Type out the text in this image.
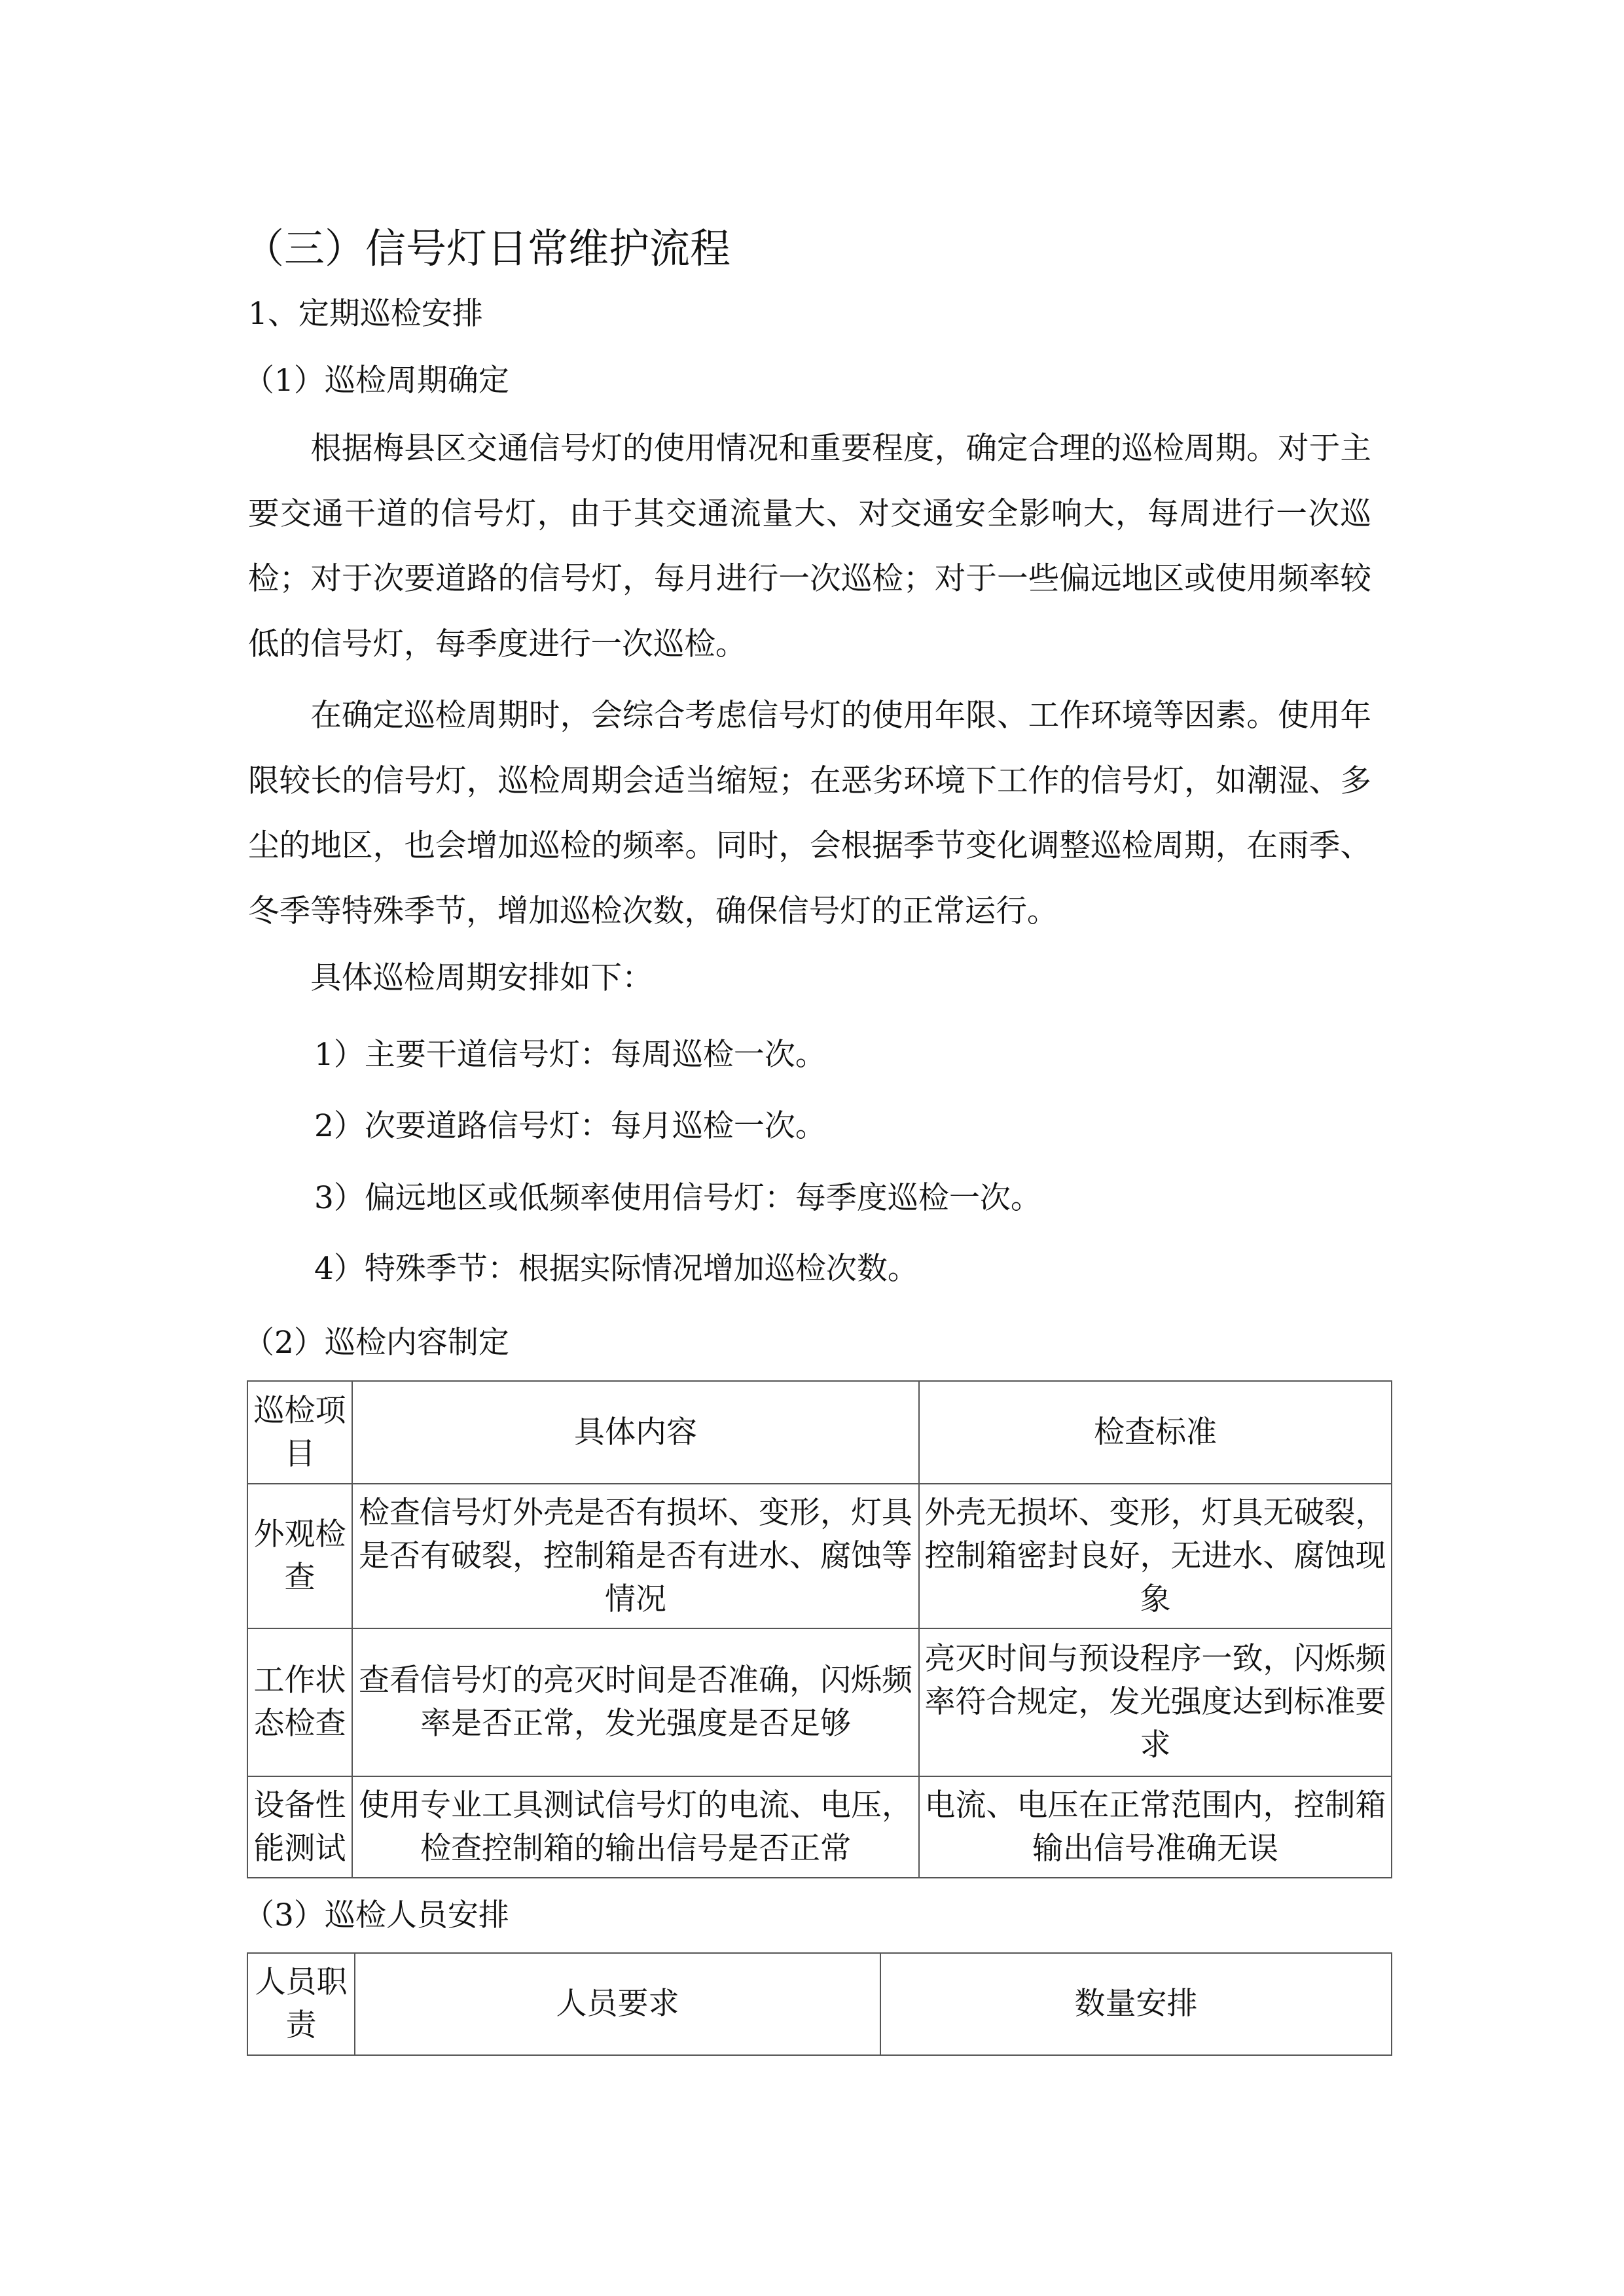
（三）信号灯日常维护流程
1、定期巡检安排
（1）巡检周期确定
根据梅县区交通信号灯的使用情况和重要程度，确定合理的巡检周期。对于主要交通干道的信号灯，由于其交通流量大、对交通安全影响大，每周进行一次巡检；对于次要道路的信号灯，每月进行一次巡检；对于一些偏远地区或使用频率较低的信号灯，每季度进行一次巡检。
在确定巡检周期时，会综合考虑信号灯的使用年限、工作环境等因素。使用年限较长的信号灯，巡检周期会适当缩短；在恶劣环境下工作的信号灯，如潮湿、多尘的地区，也会增加巡检的频率。同时，会根据季节变化调整巡检周期，在雨季、冬季等特殊季节，增加巡检次数，确保信号灯的正常运行。
具体巡检周期安排如下：
1）主要干道信号灯：每周巡检一次。
2）次要道路信号灯：每月巡检一次。
3）偏远地区或低频率使用信号灯：每季度巡检一次。
4）特殊季节：根据实际情况增加巡检次数。
（2）巡检内容制定
巡检项目	具体内容	检查标准
外观检查	检查信号灯外壳是否有损坏、变形，灯具是否有破裂，控制箱是否有进水、腐蚀等情况	外壳无损坏、变形，灯具无破裂，控制箱密封良好，无进水、腐蚀现象
工作状态检查	查看信号灯的亮灭时间是否准确，闪烁频率是否正常，发光强度是否足够	亮灭时间与预设程序一致，闪烁频率符合规定，发光强度达到标准要求
设备性能测试	使用专业工具测试信号灯的电流、电压，检查控制箱的输出信号是否正常	电流、电压在正常范围内，控制箱输出信号准确无误
（3）巡检人员安排
人员职责	人员要求	数量安排
